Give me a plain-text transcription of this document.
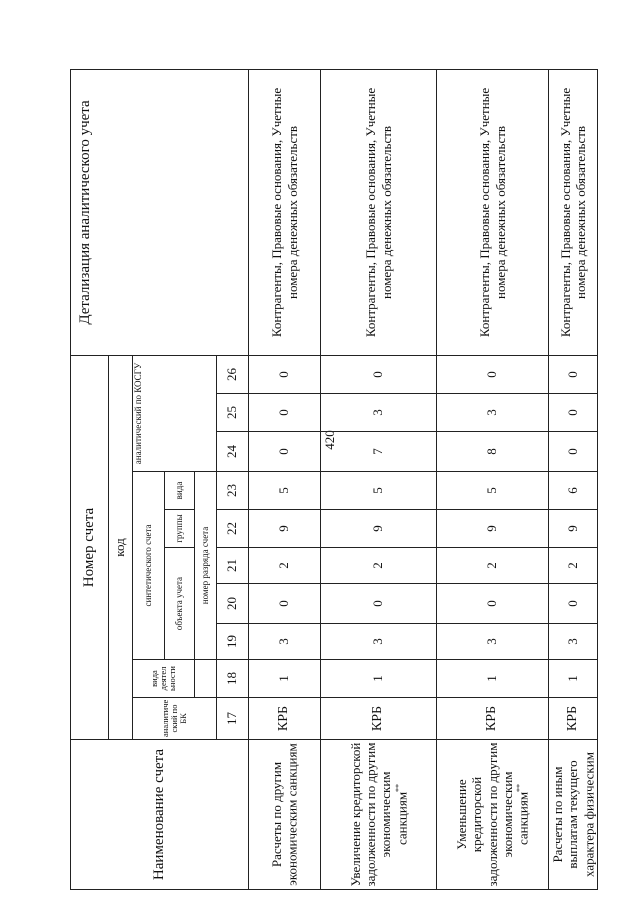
420
Наименование счета	Номер счета										Детализация аналитического учета
	код										
	аналитиче ский по БК	вида деятел ьности	синтетического счета					аналитический по КОСГУ			
			объекта учета			группы	вида				
			номер разряда счета								
	17	18	19	20	21	22	23	24	25	26	
Расчеты по другим экономическим санкциям	КРБ	1	3	0	2	9	5	0	0	0	Контрагенты, Правовые основания, Учетные номера денежных обязательств
Увеличение кредиторской задолженности по другим экономическим санкциям**	КРБ	1	3	0	2	9	5	7	3	0	Контрагенты, Правовые основания, Учетные номера денежных обязательств
Уменьшение кредиторской задолженности по другим экономическим санкциям**	КРБ	1	3	0	2	9	5	8	3	0	Контрагенты, Правовые основания, Учетные номера денежных обязательств
Расчеты по иным выплатам текущего характера физическим	КРБ	1	3	0	2	9	6	0	0	0	Контрагенты, Правовые основания, Учетные номера денежных обязательств
